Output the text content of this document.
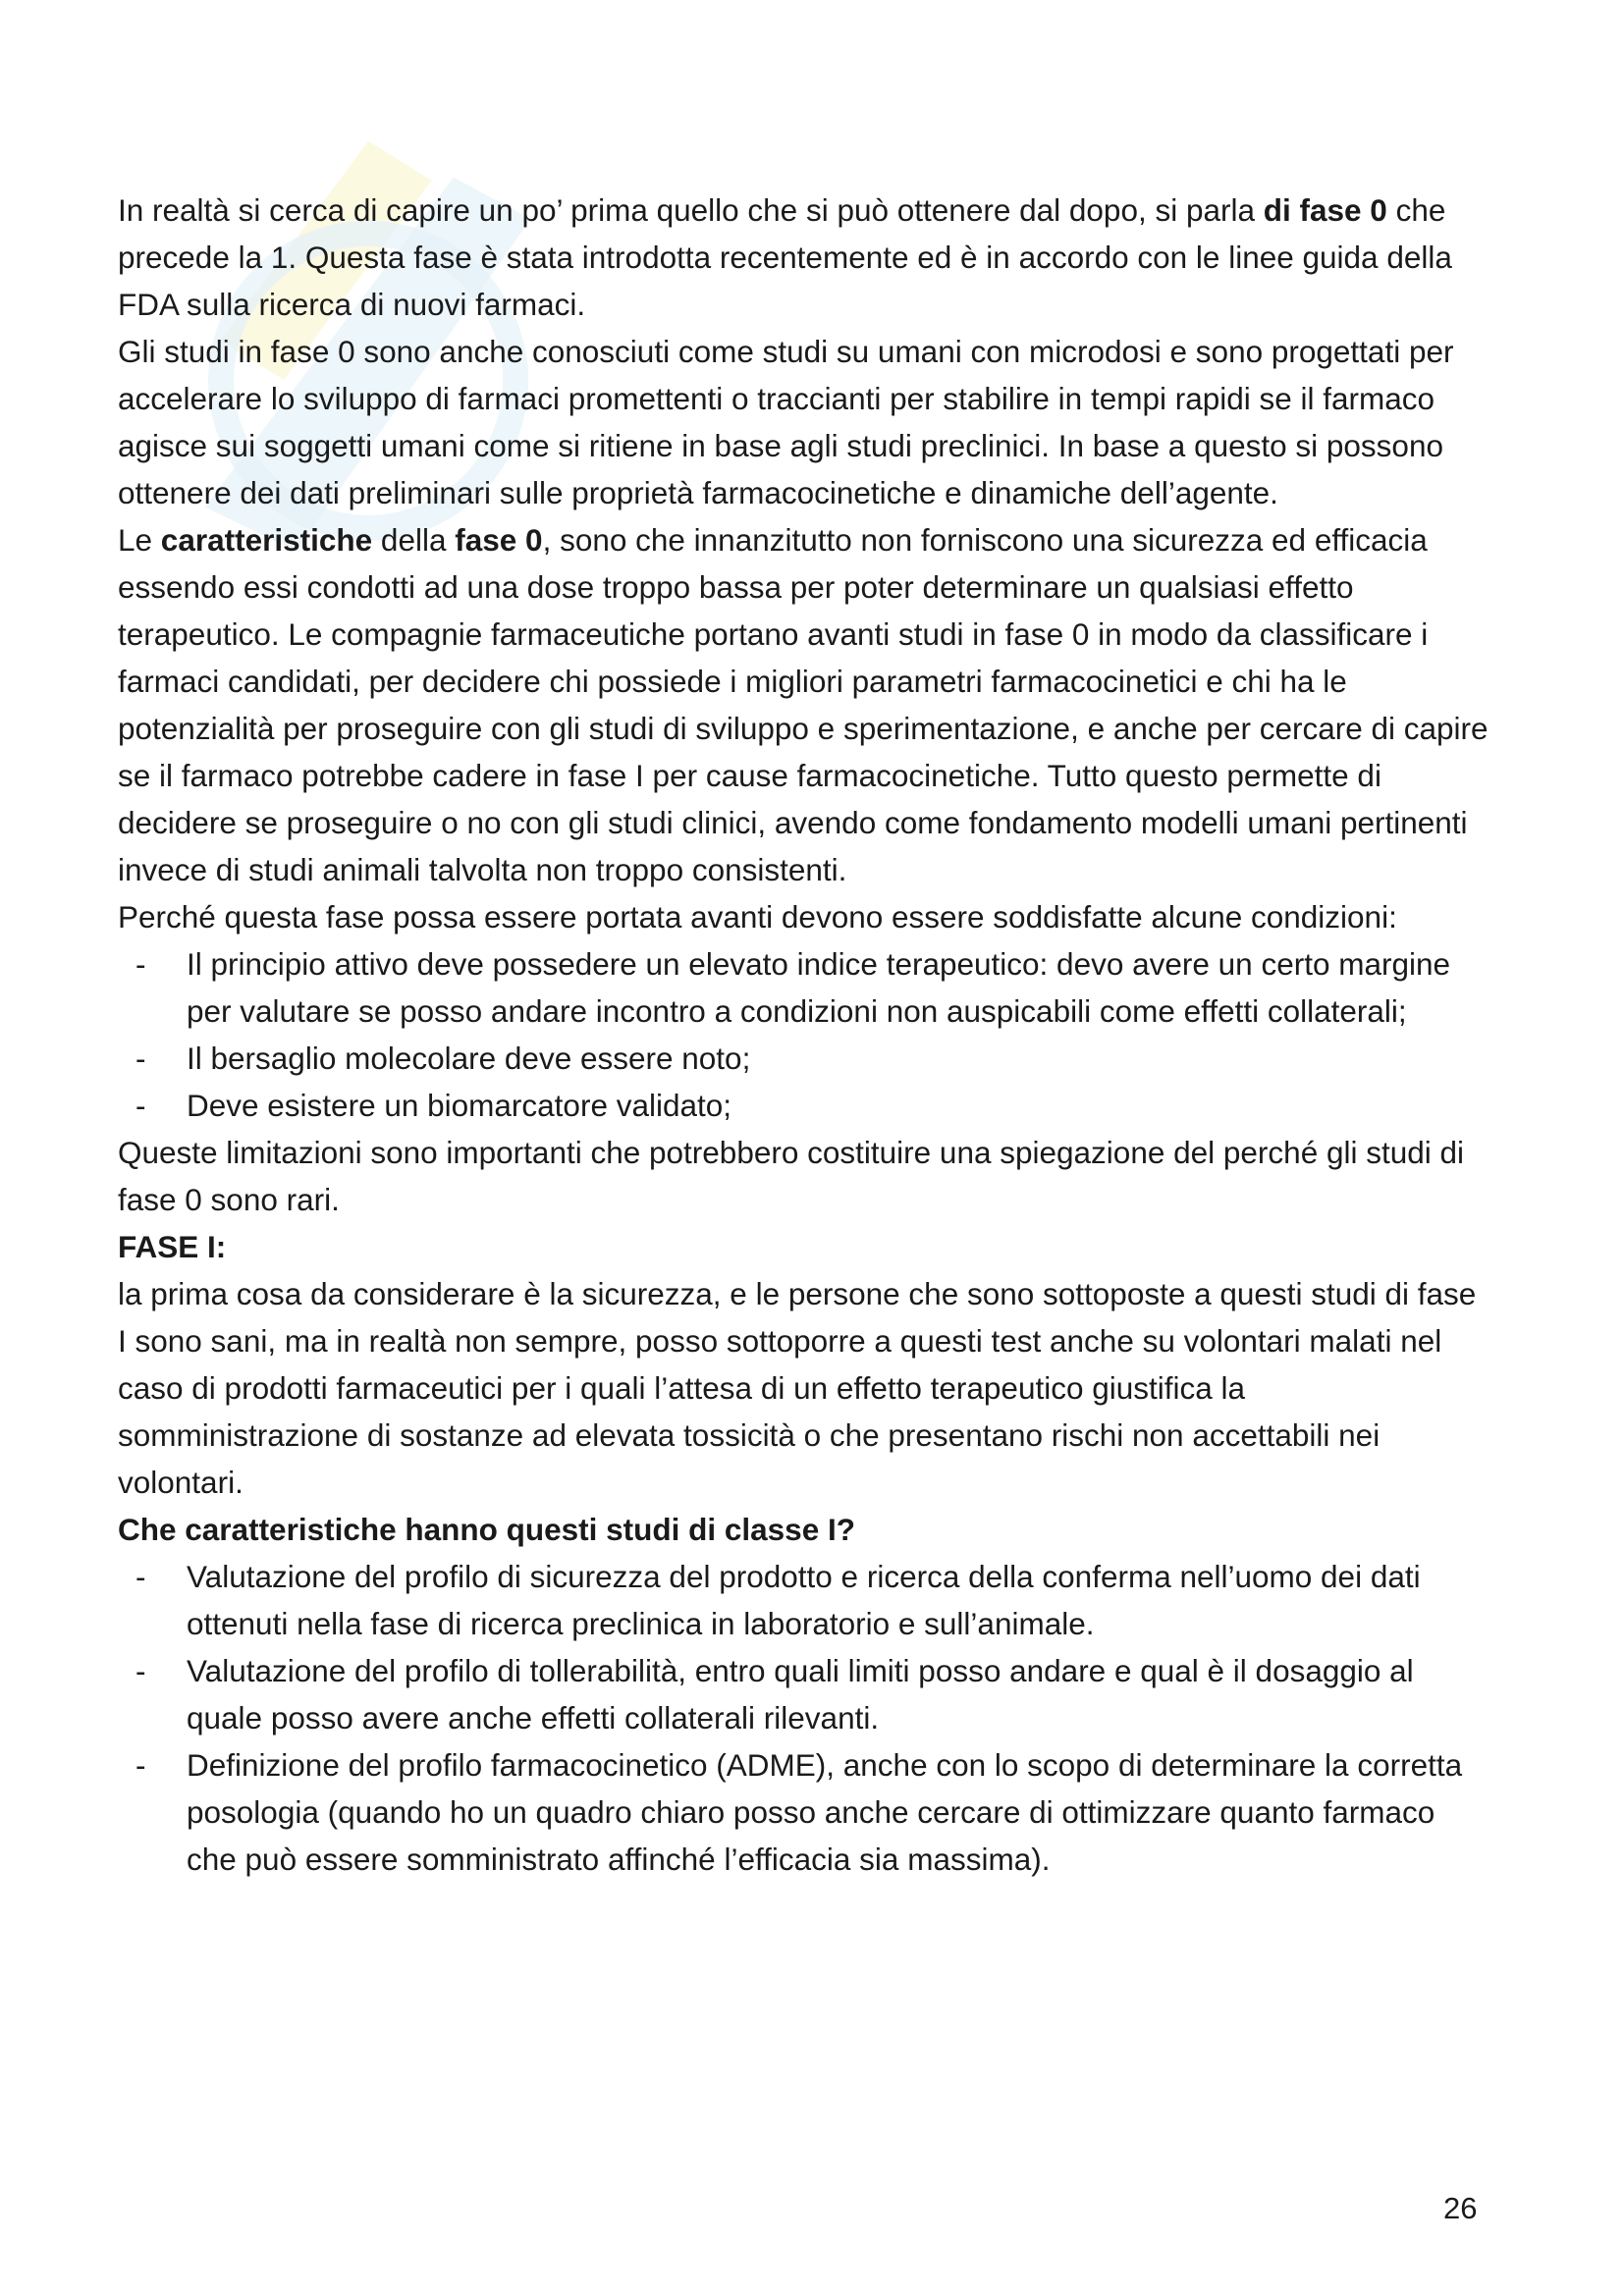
In realtà si cerca di capire un po’ prima quello che si può ottenere dal dopo, si parla di fase 0 che precede la 1. Questa fase è stata introdotta recentemente ed è in accordo con le linee guida della FDA sulla ricerca di nuovi farmaci.

Gli studi in fase 0 sono anche conosciuti come studi su umani con microdosi e sono progettati per accelerare lo sviluppo di farmaci promettenti o traccianti per stabilire in tempi rapidi se il farmaco agisce sui soggetti umani come si ritiene in base agli studi preclinici. In base a questo si possono ottenere dei dati preliminari sulle proprietà farmacocinetiche e dinamiche dell’agente.

Le caratteristiche della fase 0, sono che innanzitutto non forniscono una sicurezza ed efficacia essendo essi condotti ad una dose troppo bassa per poter determinare un qualsiasi effetto terapeutico. Le compagnie farmaceutiche portano avanti studi in fase 0 in modo da classificare i farmaci candidati, per decidere chi possiede i migliori parametri farmacocinetici e chi ha le potenzialità per proseguire con gli studi di sviluppo e sperimentazione, e anche per cercare di capire se il farmaco potrebbe cadere in fase I per cause farmacocinetiche. Tutto questo permette di decidere se proseguire o no con gli studi clinici, avendo come fondamento modelli umani pertinenti invece di studi animali talvolta non troppo consistenti.

Perché questa fase possa essere portata avanti devono essere soddisfatte alcune condizioni:

- Il principio attivo deve possedere un elevato indice terapeutico: devo avere un certo margine per valutare se posso andare incontro a condizioni non auspicabili come effetti collaterali;
- Il bersaglio molecolare deve essere noto;
- Deve esistere un biomarcatore validato;

Queste limitazioni sono importanti che potrebbero costituire una spiegazione del perché gli studi di fase 0 sono rari.

FASE I:

la prima cosa da considerare è la sicurezza, e le persone che sono sottoposte a questi studi di fase I sono sani, ma in realtà non sempre, posso sottoporre a questi test anche su volontari malati nel caso di prodotti farmaceutici per i quali l’attesa di un effetto terapeutico giustifica la somministrazione di sostanze ad elevata tossicità o che presentano rischi non accettabili nei volontari.

Che caratteristiche hanno questi studi di classe I?

- Valutazione del profilo di sicurezza del prodotto e ricerca della conferma nell’uomo dei dati ottenuti nella fase di ricerca preclinica in laboratorio e sull’animale.
- Valutazione del profilo di tollerabilità, entro quali limiti posso andare e qual è il dosaggio al quale posso avere anche effetti collaterali rilevanti.
- Definizione del profilo farmacocinetico (ADME), anche con lo scopo di determinare la corretta posologia (quando ho un quadro chiaro posso anche cercare di ottimizzare quanto farmaco che può essere somministrato affinché l’efficacia sia massima).
26
